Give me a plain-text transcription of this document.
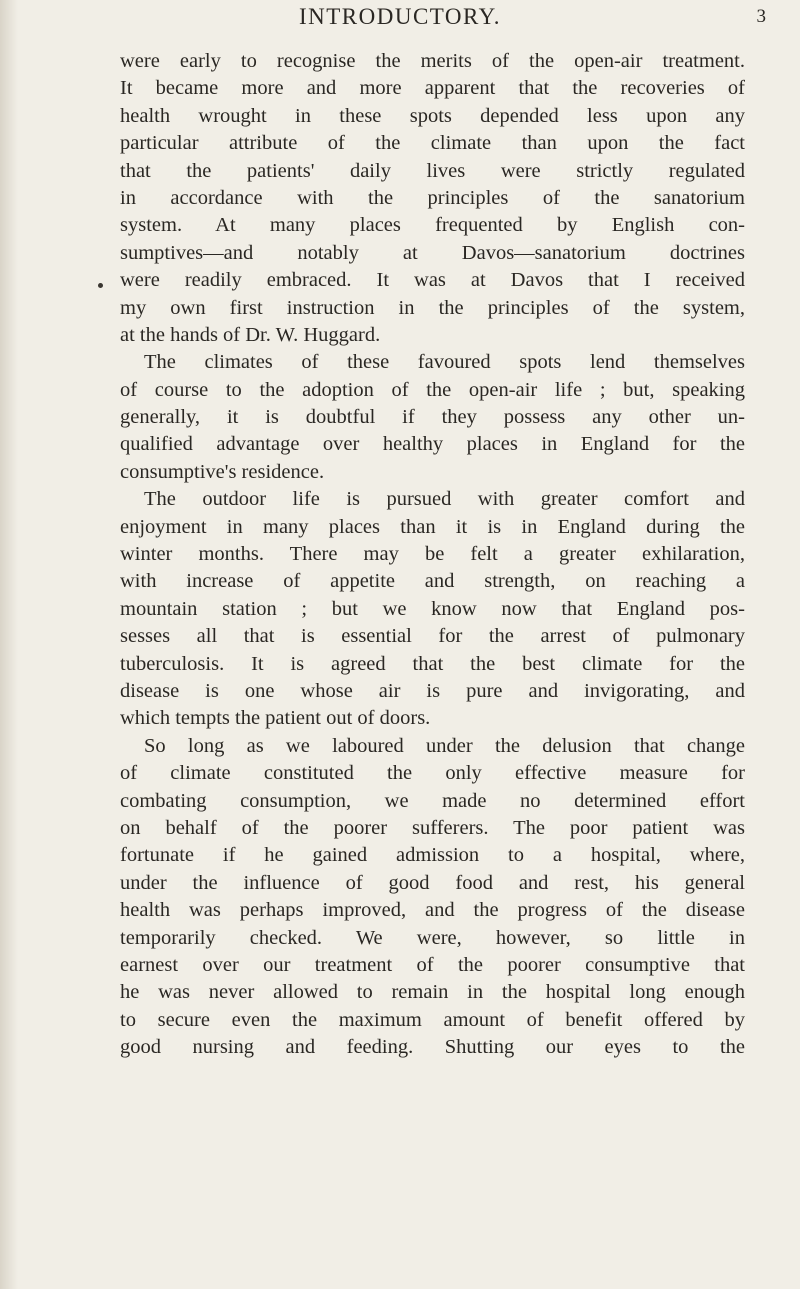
INTRODUCTORY.	3
were early to recognise the merits of the open-air treatment.
It became more and more apparent that the recoveries of
health wrought in these spots depended less upon any
particular attribute of the climate than upon the fact
that the patients' daily lives were strictly regulated
in accordance with the principles of the sanatorium
system. At many places frequented by English con-
sumptives—and notably at Davos—sanatorium doctrines
were readily embraced. It was at Davos that I received
my own first instruction in the principles of the system,
at the hands of Dr. W. Huggard.
The climates of these favoured spots lend themselves
of course to the adoption of the open-air life ; but, speaking
generally, it is doubtful if they possess any other un-
qualified advantage over healthy places in England for the
consumptive's residence.
The outdoor life is pursued with greater comfort and
enjoyment in many places than it is in England during the
winter months. There may be felt a greater exhilaration,
with increase of appetite and strength, on reaching a
mountain station ; but we know now that England pos-
sesses all that is essential for the arrest of pulmonary
tuberculosis. It is agreed that the best climate for the
disease is one whose air is pure and invigorating, and
which tempts the patient out of doors.
So long as we laboured under the delusion that change
of climate constituted the only effective measure for
combating consumption, we made no determined effort
on behalf of the poorer sufferers. The poor patient was
fortunate if he gained admission to a hospital, where,
under the influence of good food and rest, his general
health was perhaps improved, and the progress of the disease
temporarily checked. We were, however, so little in
earnest over our treatment of the poorer consumptive that
he was never allowed to remain in the hospital long enough
to secure even the maximum amount of benefit offered by
good nursing and feeding. Shutting our eyes to the
